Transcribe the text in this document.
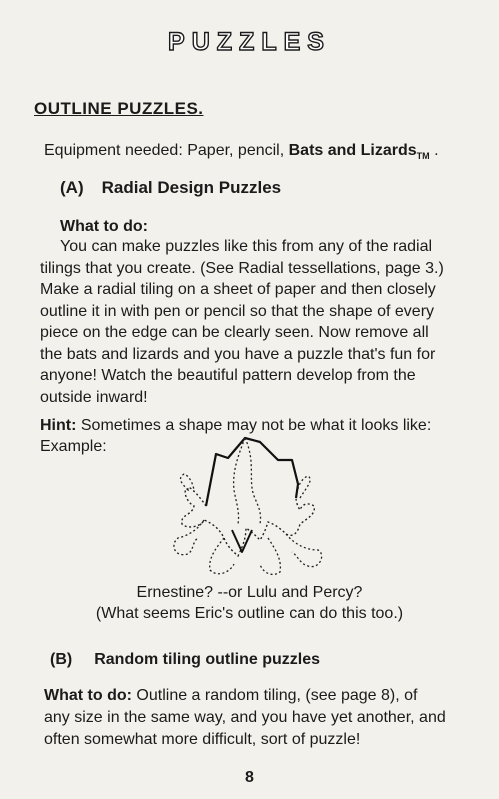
PUZZLES
OUTLINE PUZZLES.
Equipment needed: Paper, pencil, Bats and Lizards$_{TM}$ .
(A) Radial Design Puzzles
What to do:
You can make puzzles like this from any of the radial
tilings that you create. (See Radial tessellations, page 3.)
Make a radial tiling on a sheet of paper and then closely
outline it in with pen or pencil so that the shape of every
piece on the edge can be clearly seen. Now remove all
the bats and lizards and you have a puzzle that's fun for
anyone! Watch the beautiful pattern develop from the
outside inward!
Hint: Sometimes a shape may not be what it looks like:
Example:
Ernestine? --or Lulu and Percy?
(What seems Eric's outline can do this too.)
(B) Random tiling outline puzzles
What to do: Outline a random tiling, (see page 8), of
any size in the same way, and you have yet another, and
often somewhat more difficult, sort of puzzle!
8
